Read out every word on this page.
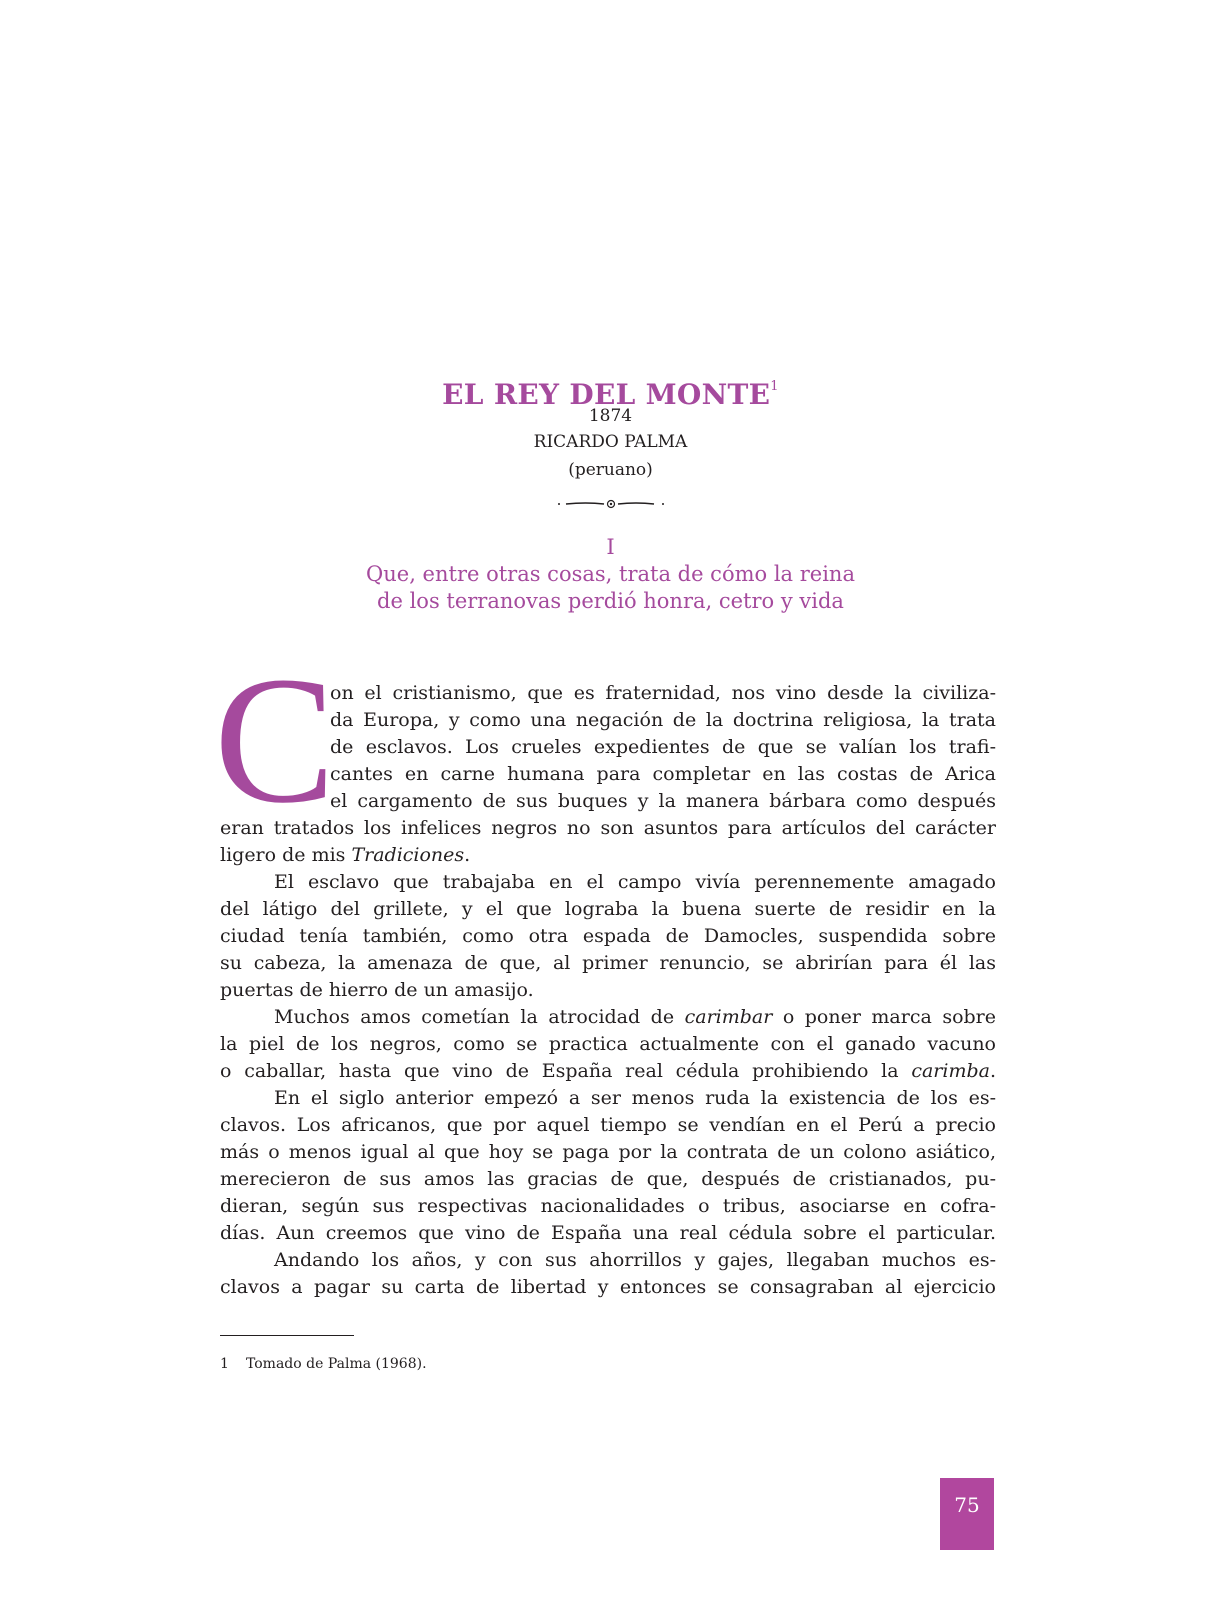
EL REY DEL MONTE$^1$
1874
RICARDO PALMA
(peruano)
I
Que, entre otras cosas, trata de cómo la reina
de los terranovas perdió honra, cetro y vida
C
on el cristianismo, que es fraternidad, nos vino desde la civiliza-
da Europa, y como una negación de la doctrina religiosa, la trata
de esclavos. Los crueles expedientes de que se valían los trafi-
cantes en carne humana para completar en las costas de Arica
el cargamento de sus buques y la manera bárbara como después
eran tratados los infelices negros no son asuntos para artículos del carácter
ligero de mis Tradiciones.
El esclavo que trabajaba en el campo vivía perennemente amagado
del látigo del grillete, y el que lograba la buena suerte de residir en la
ciudad tenía también, como otra espada de Damocles, suspendida sobre
su cabeza, la amenaza de que, al primer renuncio, se abrirían para él las
puertas de hierro de un amasijo.
Muchos amos cometían la atrocidad de carimbar o poner marca sobre
la piel de los negros, como se practica actualmente con el ganado vacuno
o caballar, hasta que vino de España real cédula prohibiendo la carimba.
En el siglo anterior empezó a ser menos ruda la existencia de los es-
clavos. Los africanos, que por aquel tiempo se vendían en el Perú a precio
más o menos igual al que hoy se paga por la contrata de un colono asiático,
merecieron de sus amos las gracias de que, después de cristianados, pu-
dieran, según sus respectivas nacionalidades o tribus, asociarse en cofra-
días. Aun creemos que vino de España una real cédula sobre el particular.
Andando los años, y con sus ahorrillos y gajes, llegaban muchos es-
clavos a pagar su carta de libertad y entonces se consagraban al ejercicio
1 Tomado de Palma (1968).
75
